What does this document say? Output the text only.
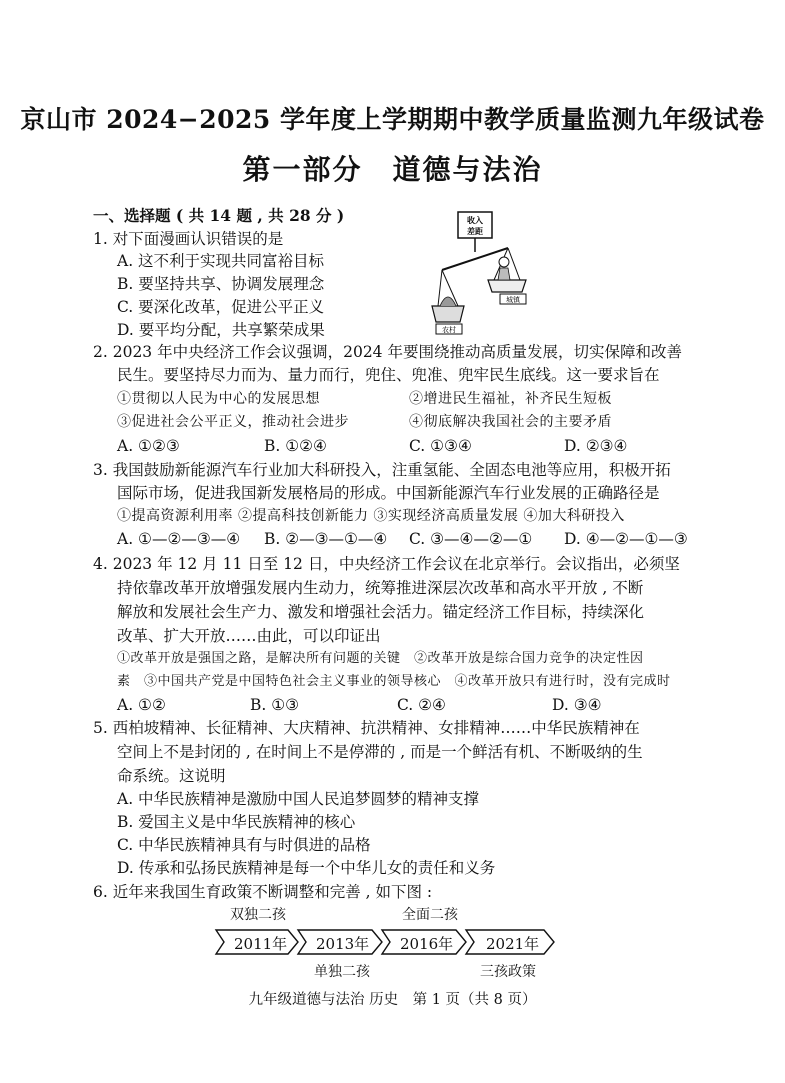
京山市 2024−2025 学年度上学期期中教学质量监测九年级试卷
第一部分　道德与法治
一、选择题 ( 共 14 题 , 共 28 分 )
1. 对下面漫画认识错误的是
A. 这不利于实现共同富裕目标
B. 要坚持共享、协调发展理念
C. 要深化改革，促进公平正义
D. 要平均分配，共享繁荣成果
收入
差距
农村
城镇
2. 2023 年中央经济工作会议强调，2024 年要围绕推动高质量发展，切实保障和改善
民生。要坚持尽力而为、量力而行，兜住、兜准、兜牢民生底线。这一要求旨在
①贯彻以人民为中心的发展思想	②增进民生福祉，补齐民生短板
③促进社会公平正义，推动社会进步	④彻底解决我国社会的主要矛盾
A. ①②③	B. ①②④	C. ①③④	D. ②③④
3. 我国鼓励新能源汽车行业加大科研投入，注重氢能、全固态电池等应用，积极开拓
国际市场，促进我国新发展格局的形成。中国新能源汽车行业发展的正确路径是
①提高资源利用率 ②提高科技创新能力 ③实现经济高质量发展 ④加大科研投入
A. ①—②—③—④ B. ②—③—①—④ C. ③—④—②—① D. ④—②—①—③
4. 2023 年 12 月 11 日至 12 日，中央经济工作会议在北京举行。会议指出，必须坚
持依靠改革开放增强发展内生动力，统筹推进深层次改革和高水平开放 , 不断
解放和发展社会生产力、激发和增强社会活力。锚定经济工作目标，持续深化
改革、扩大开放……由此，可以印证出
①改革开放是强国之路，是解决所有问题的关键　②改革开放是综合国力竞争的决定性因
素　③中国共产党是中国特色社会主义事业的领导核心　④改革开放只有进行时，没有完成时
A. ①②	B. ①③	C. ②④	D. ③④
5. 西柏坡精神、长征精神、大庆精神、抗洪精神、女排精神……中华民族精神在
空间上不是封闭的 , 在时间上不是停滞的 , 而是一个鲜活有机、不断吸纳的生
命系统。这说明
A. 中华民族精神是激励中国人民追梦圆梦的精神支撑
B. 爱国主义是中华民族精神的核心
C. 中华民族精神具有与时俱进的品格
D. 传承和弘扬民族精神是每一个中华儿女的责任和义务
6. 近年来我国生育政策不断调整和完善 , 如下图 :
双独二孩	全面二孩
2011年 2013年 2016年 2021年
单独二孩	三孩政策
九年级道德与法治 历史　第 1 页（共 8 页）
